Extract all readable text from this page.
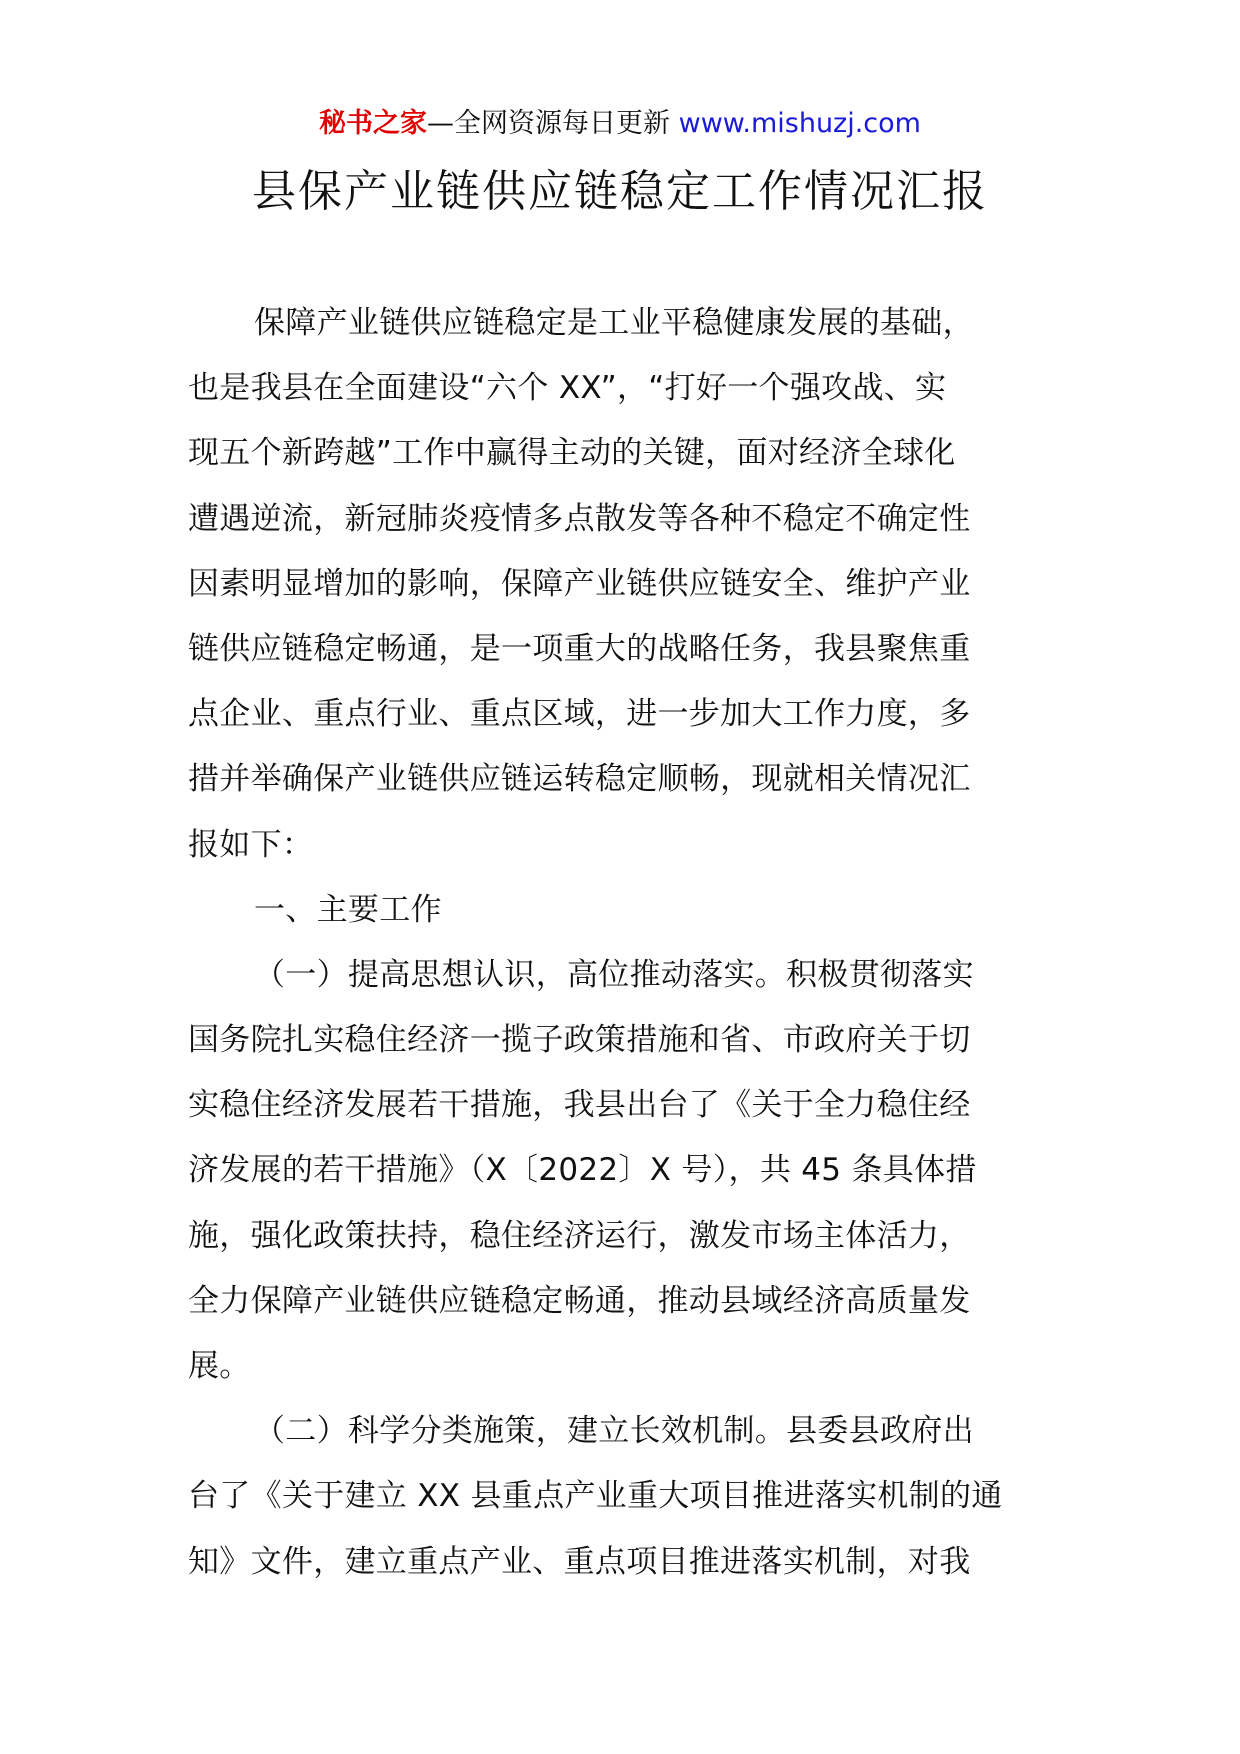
秘书之家—全网资源每日更新 www.mishuzj.com
县保产业链供应链稳定工作情况汇报
保障产业链供应链稳定是工业平稳健康发展的基础，
也是我县在全面建设“六个 XX”，“打好一个强攻战、实
现五个新跨越”工作中赢得主动的关键，面对经济全球化
遭遇逆流，新冠肺炎疫情多点散发等各种不稳定不确定性
因素明显增加的影响，保障产业链供应链安全、维护产业
链供应链稳定畅通，是一项重大的战略任务，我县聚焦重
点企业、重点行业、重点区域，进一步加大工作力度，多
措并举确保产业链供应链运转稳定顺畅，现就相关情况汇
报如下：
一、主要工作
（一）提高思想认识，高位推动落实。积极贯彻落实
国务院扎实稳住经济一揽子政策措施和省、市政府关于切
实稳住经济发展若干措施，我县出台了《关于全力稳住经
济发展的若干措施》（X〔2022〕X 号），共 45 条具体措
施，强化政策扶持，稳住经济运行，激发市场主体活力，
全力保障产业链供应链稳定畅通，推动县域经济高质量发
展。
（二）科学分类施策，建立长效机制。县委县政府出
台了《关于建立 XX 县重点产业重大项目推进落实机制的通
知》文件，建立重点产业、重点项目推进落实机制，对我
